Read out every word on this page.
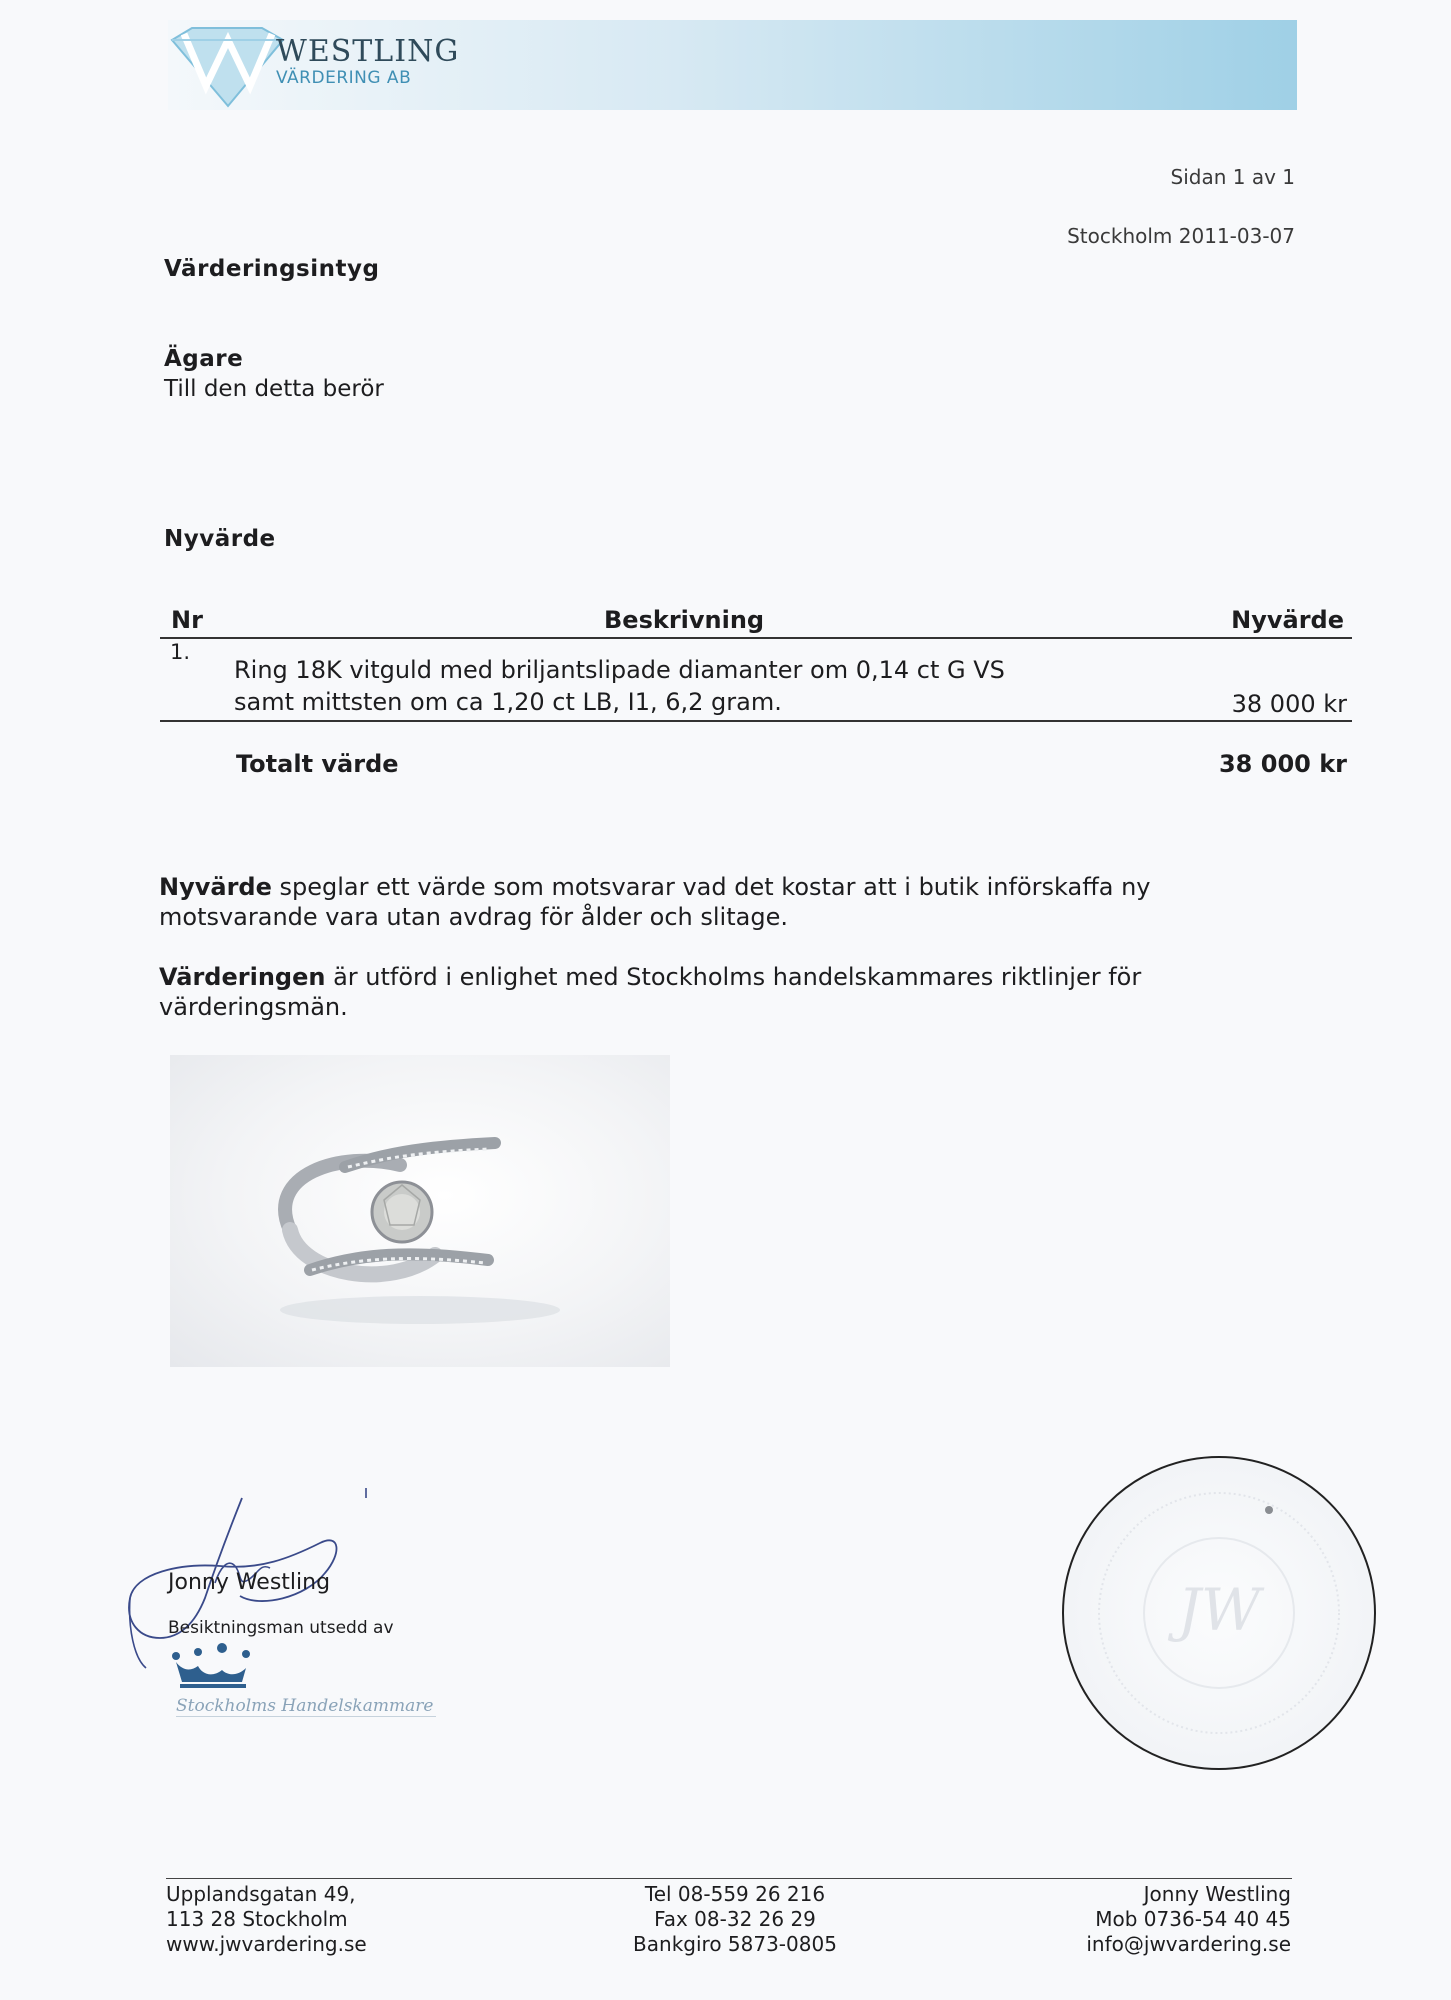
WESTLING
VÄRDERING AB
Sidan 1 av 1
Stockholm 2011-03-07
Värderingsintyg
Ägare
Till den detta berör
Nyvärde
Nr	Beskrivning	Nyvärde
1.
Ring 18K vitguld med briljantslipade diamanter om 0,14 ct G VS
samt mittsten om ca 1,20 ct LB, I1, 6,2 gram.	38 000 kr
Totalt värde	38 000 kr
Nyvärde speglar ett värde som motsvarar vad det kostar att i butik införskaffa ny motsvarande vara utan avdrag för ålder och slitage.
Värderingen är utförd i enlighet med Stockholms handelskammares riktlinjer för värderingsmän.
Jonny Westling
Besiktningsman utsedd av
Stockholms Handelskammare
JW
Upplandsgatan 49,
113 28 Stockholm
www.jwvardering.se
Tel 08-559 26 216
Fax 08-32 26 29
Bankgiro 5873-0805
Jonny Westling
Mob 0736-54 40 45
info@jwvardering.se
